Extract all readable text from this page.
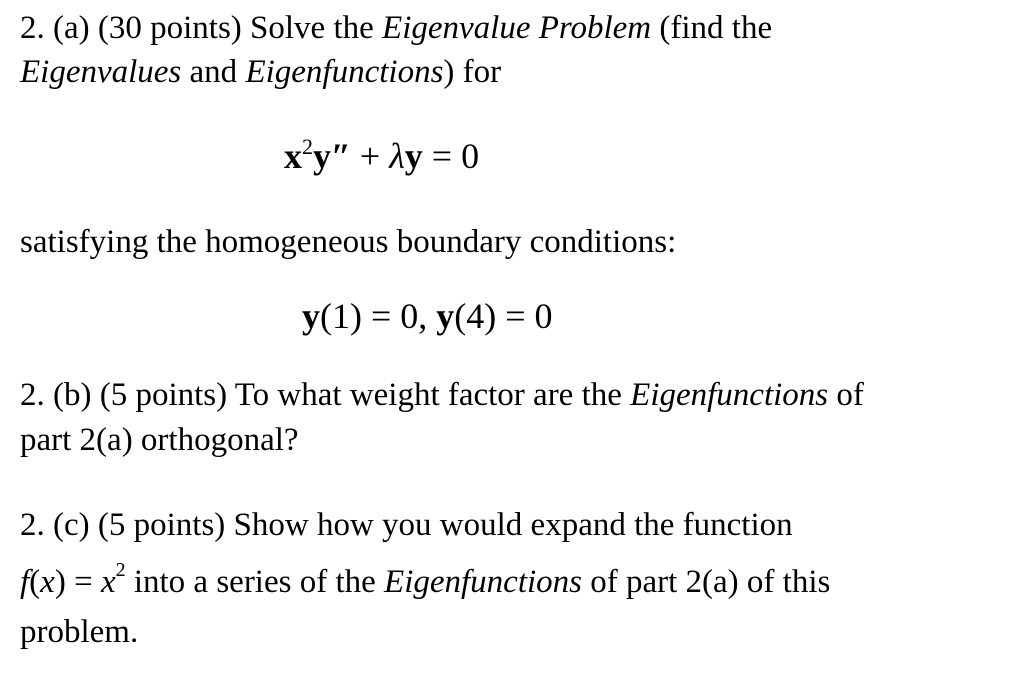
2. (a) (30 points) Solve the Eigenvalue Problem (find the
Eigenvalues and Eigenfunctions) for
$x^2y'' + \lambda y = 0$
satisfying the homogeneous boundary conditions:
y(1) = 0, y(4) = 0
2. (b) (5 points) To what weight factor are the Eigenfunctions of
part 2(a) orthogonal?
2. (c) (5 points) Show how you would expand the function
$f(x) = x^2$ into a series of the Eigenfunctions of part 2(a) of this
problem.
